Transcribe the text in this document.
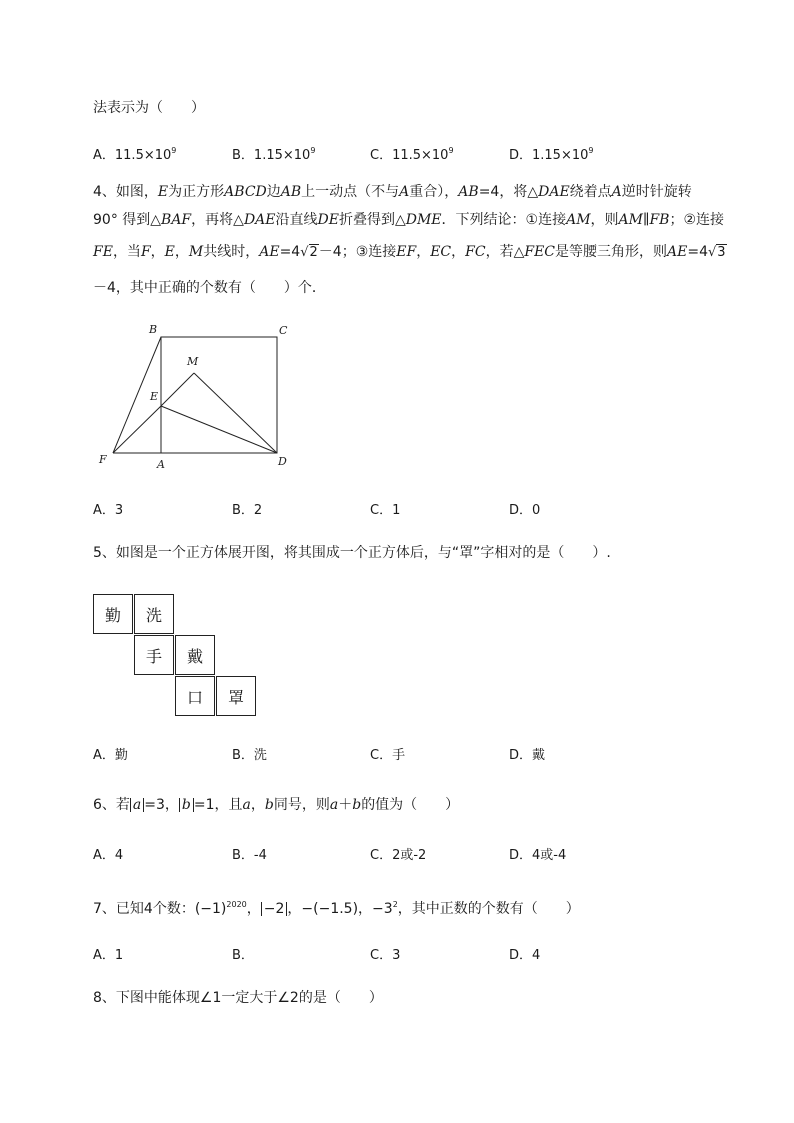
法表示为（　　）
A．$11.5\times 10^9$	B．$1.15\times 10^9$	C．$11.5\times 10^9$	D．$1.15\times 10^9$
4、如图，E为正方形ABCD边AB上一动点（不与A重合），AB=4，将△DAE绕着点A逆时针旋转
90° 得到△BAF，再将△DAE沿直线DE折叠得到△DME．下列结论：①连接AM，则AM∥FB；②连接
FE，当F，E，M共线时，AE=4√2－4；③连接EF，EC，FC，若△FEC是等腰三角形，则AE=4√3
－4，其中正确的个数有（　　）个．
B	C
M
E
F	A	D
A．3	B．2	C．1	D．0
5、如图是一个正方体展开图，将其围成一个正方体后，与“罩”字相对的是（　　）.
勤	洗
手	戴
口	罩
A．勤	B．洗	C．手	D．戴
6、若 a =3， b =1，且a，b同号，则a＋b的值为（　　）
A．4	B．-4	C．2或-2	D．4或-4
7、已知4个数：$(-1)^{2020}$， −2 ，−(−1.5)，$-3^2$，其中正数的个数有（　　）
A．1	B．	C．3	D．4
8、下图中能体现∠1一定大于∠2的是（　　）
